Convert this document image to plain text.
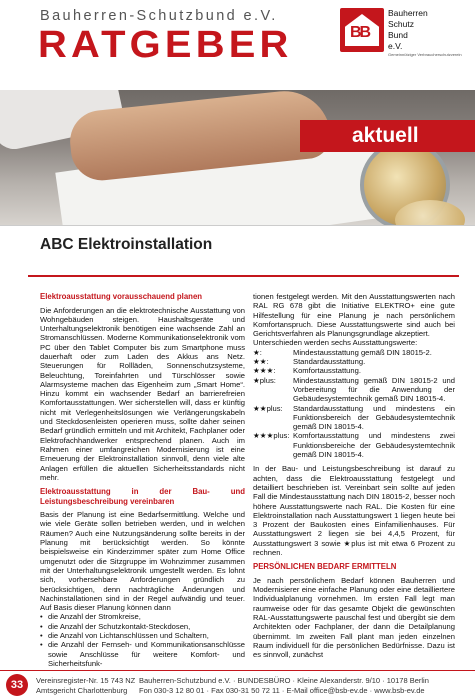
Bauherren-Schutzbund e.V.
RATGEBER	BB
Bauherren
Schutz
Bund
e.V.
Gemeinnütziger Verbraucherschutzverein
aktuell
ABC Elektroinstallation
Elektroausstattung vorausschauend planen
Die Anforderungen an die elektrotechnische Ausstattung von Wohngebäuden steigen. Haushaltsgeräte und Unterhaltungselektronik benötigen eine wachsende Zahl an Stromanschlüssen. Moderne Kommunikationselektronik vom PC über den Tablet Computer bis zum Smartphone muss dauerhaft oder zum Laden des Akkus ans Netz. Steuerungen für Rollläden, Sonnenschutzsysteme, Beleuchtung, Toreinfahrten und Türschlösser sowie Alarmsysteme machen das Eigenheim zum „Smart Home“. Hinzu kommt ein wachsender Bedarf an barrierefreien Komfortausstattungen. Wer sicherstellen will, dass er künftig nicht mit Verlegenheitslösungen wie Verlängerungskabeln und Steckdosenleisten operieren muss, sollte daher seinen Bedarf gründlich ermitteln und mit Architekt, Fachplaner oder Elektrofachhandwerker entsprechend planen. Auch im Rahmen einer umfangreichen Modernisierung ist eine Erneuerung der Elektroinstallation sinnvoll, denn viele alte Anlagen erfüllen die aktuellen Sicherheitsstandards nicht mehr.
Elektroausstattung in der Bau- und Leistungsbeschreibung vereinbaren
Basis der Planung ist eine Bedarfsermittlung. Welche und wie viele Geräte sollen betrieben werden, und in welchen Räumen? Auch eine Nutzungsänderung sollte bereits in der Planung mit berücksichtigt werden. So könnte beispielsweise ein Kinderzimmer später zum Home Office umgenutzt oder die Sitzgruppe im Wohnzimmer zusammen mit der Unterhaltungselektronik umgestellt werden. Es lohnt sich, vorhersehbare Anforderungen gründlich zu berücksichtigen, denn nachträgliche Änderungen und Nachinstallationen sind in der Regel aufwändig und teuer. Auf Basis dieser Planung können dann
• die Anzahl der Stromkreise,
• die Anzahl der Schutzkontakt-Steckdosen,
• die Anzahl von Lichtanschlüssen und Schaltern,
• die Anzahl der Fernseh- und Kommunikationsanschlüsse sowie Anschlüsse für weitere Komfort- und Sicherheitsfunk-
tionen festgelegt werden. Mit den Ausstattungswerten nach RAL RG 678 gibt die Initiative ELEKTRO+ eine gute Hilfestellung für eine Planung je nach persönlichem Komfortanspruch. Diese Ausstattungswerte sind auch bei Gerichtsverfahren als Planungsgrundlage akzeptiert.
Unterschieden werden sechs Ausstattungswerte:
★:	Mindestausstattung gemäß DIN 18015-2.
★★:	Standardausstattung.
★★★:	Komfortausstattung.
★plus:	Mindestausstattung gemäß DIN 18015-2 und Vorbereitung für die Anwendung der Gebäudesystemtechnik gemäß DIN 18015-4.
★★plus:	Standardausstattung und mindestens ein Funktionsbereich der Gebäudesystemtechnik gemäß DIN 18015-4.
★★★plus: Komfortausstattung und mindestens zwei Funktionsbereiche der Gebäudesystemtechnik gemäß DIN 18015-4.
In der Bau- und Leistungsbeschreibung ist darauf zu achten, dass die Elektroausstattung festgelegt und detailliert beschrieben ist. Vereinbart sein sollte auf jeden Fall die Mindestausstattung nach DIN 18015-2, besser noch höhere Ausstattungswerte nach RAL. Die Kosten für eine Elektroinstallation nach Ausstattungswert 1 liegen heute bei 3 Prozent der Baukosten eines Einfamilienhauses. Für Ausstattungswert 2 liegen sie bei 4,4,5 Prozent, für Ausstattungswert 3 sowie ★plus ist mit etwa 6 Prozent zu rechnen.
PERSÖNLICHEN BEDARF ERMITTELN
Je nach persönlichem Bedarf können Bauherren und Modernisierer eine einfache Planung oder eine detailliertere Individualplanung vornehmen. Im ersten Fall legt man raumweise oder für das gesamte Objekt die gewünschten RAL-Ausstattungswerte pauschal fest und übergibt sie dem Architekten oder Fachplaner, der dann die Detailplanung übernimmt. Im zweiten Fall plant man jeden einzelnen Raum individuell für die persönlichen Bedürfnisse. Dazu ist es sinnvoll, zunächst
33	Vereinsregister-Nr. 15 743 NZ
Amtsgericht Charlottenburg
Bauherren-Schutzbund e.V. · BUNDESBÜRO · Kleine Alexanderstr. 9/10 · 10178 Berlin
Fon 030-3 12 80 01 · Fax 030-31 50 72 11 · E-Mail office@bsb-ev.de · www.bsb-ev.de
